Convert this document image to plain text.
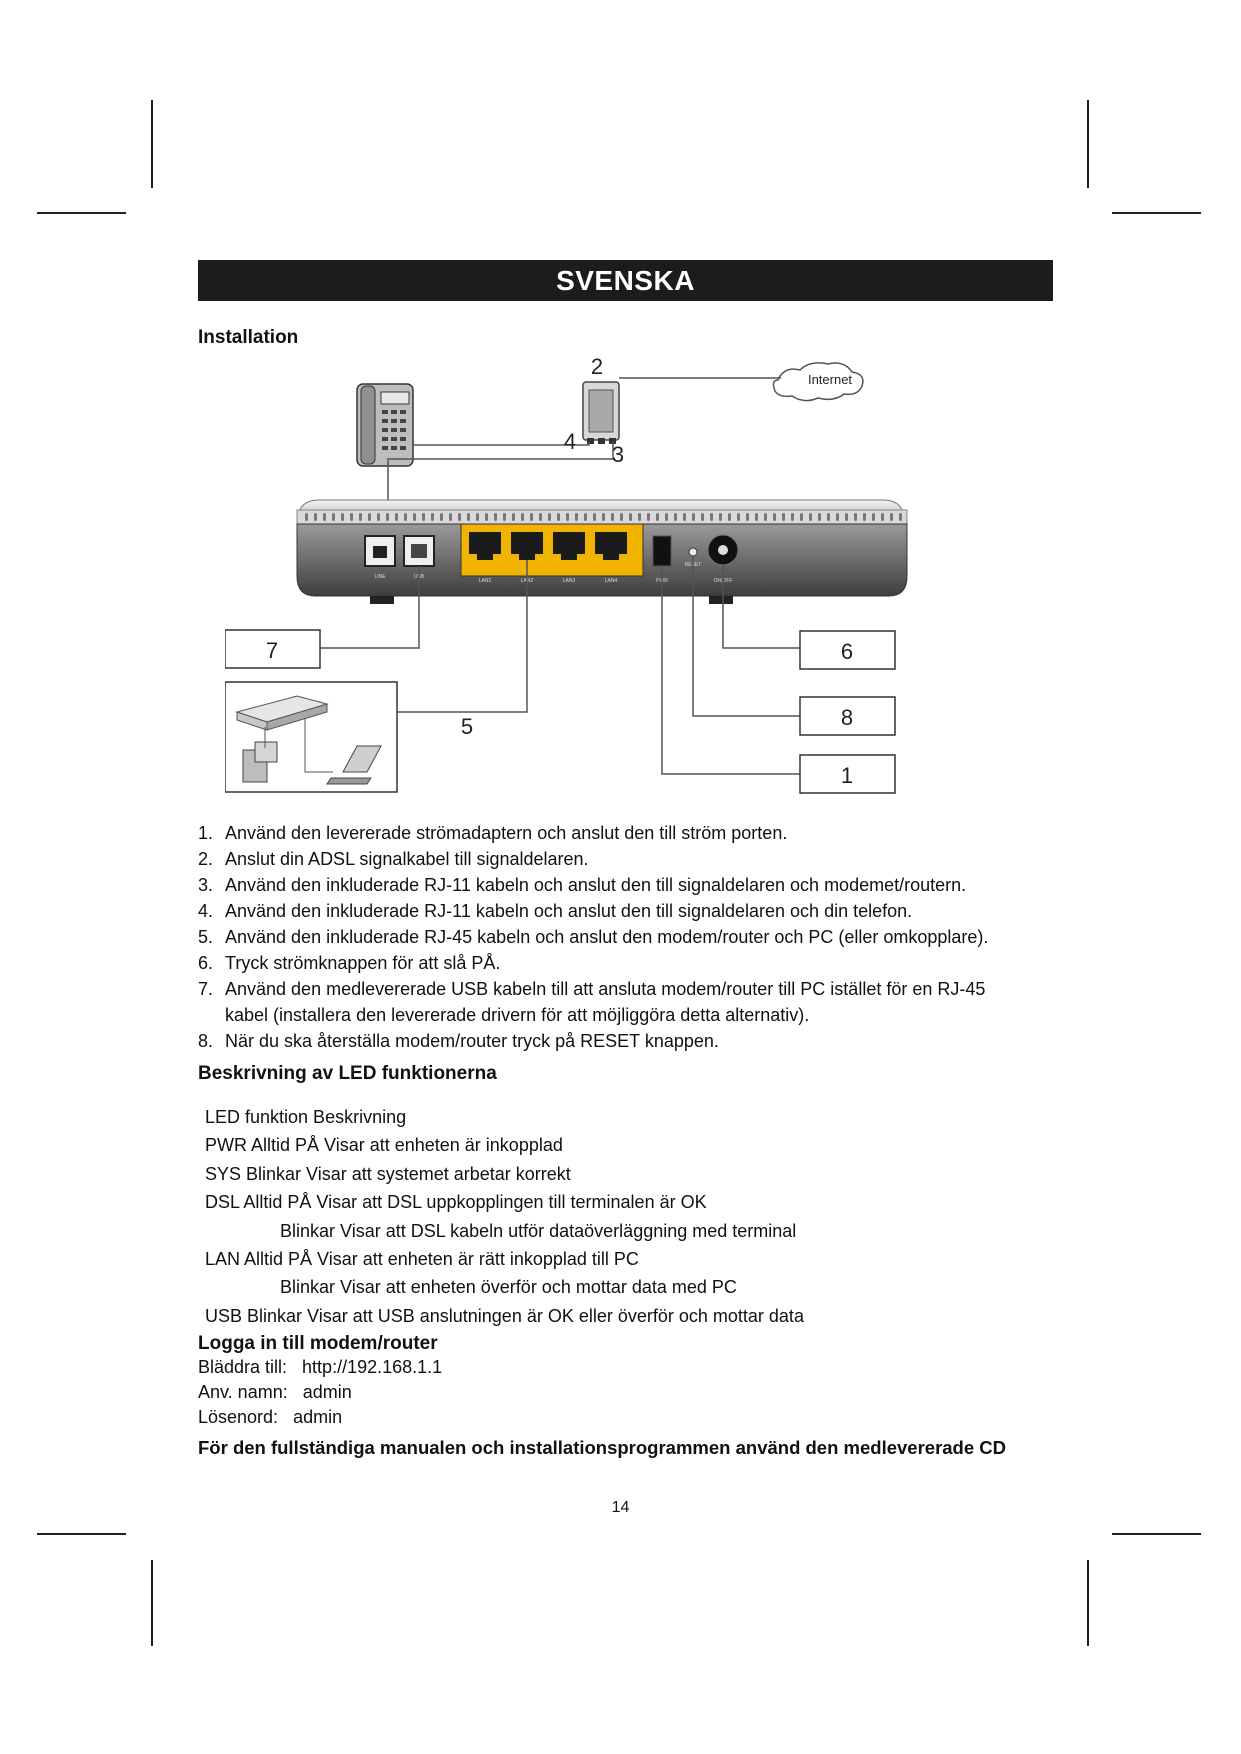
SVENSKA
Installation
Internet
2
4
3
LINE	USB
LAN1	LAN2	LAN3	LAN4	PWR
RESET
ON/OFF
7
5
6
8
1
1. Använd den levererade strömadaptern och anslut den till ström porten.
2. Anslut din ADSL signalkabel till signaldelaren.
3. Använd den inkluderade RJ-11 kabeln och anslut den till signaldelaren och modemet/routern.
4. Använd den inkluderade RJ-11 kabeln och anslut den till signaldelaren och din telefon.
5. Använd den inkluderade RJ-45 kabeln och anslut den modem/router och PC (eller omkopplare).
6. Tryck strömknappen för att slå PÅ.
7. Använd den medlevererade USB kabeln till att ansluta modem/router till PC istället för en RJ-45 kabel (installera den levererade drivern för att möjliggöra detta alternativ).
8. När du ska återställa modem/router tryck på RESET knappen.
Beskrivning av LED funktionerna
LED funktion Beskrivning
PWR Alltid PÅ Visar att enheten är inkopplad
SYS Blinkar Visar att systemet arbetar korrekt
DSL Alltid PÅ Visar att DSL uppkopplingen till terminalen är OK
Blinkar Visar att DSL kabeln utför dataöverläggning med terminal
LAN Alltid PÅ Visar att enheten är rätt inkopplad till PC
Blinkar Visar att enheten överför och mottar data med PC
USB Blinkar Visar att USB anslutningen är OK eller överför och mottar data
Logga in till modem/router
Bläddra till:   http://192.168.1.1
Anv. namn:   admin
Lösenord:   admin
För den fullständiga manualen och installationsprogrammen använd den medlevererade CD
14
